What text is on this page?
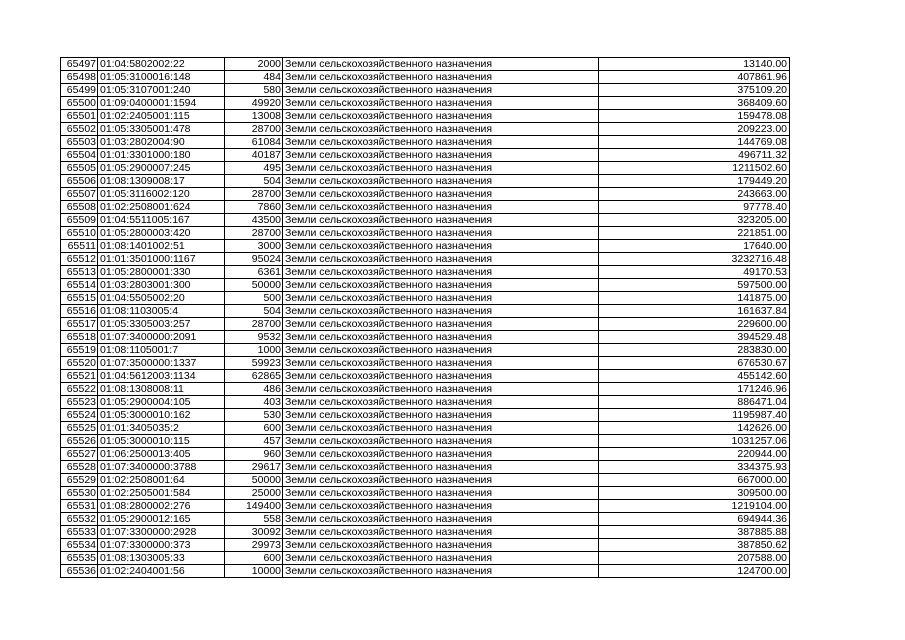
65497	01:04:5802002:22	2000	Земли сельскохозяйственного назначения	13140.00
65498	01:05:3100016:148	484	Земли сельскохозяйственного назначения	407861.96
65499	01:05:3107001:240	580	Земли сельскохозяйственного назначения	375109.20
65500	01:09:0400001:1594	49920	Земли сельскохозяйственного назначения	368409.60
65501	01:02:2405001:115	13008	Земли сельскохозяйственного назначения	159478.08
65502	01:05:3305001:478	28700	Земли сельскохозяйственного назначения	209223.00
65503	01:03:2802004:90	61084	Земли сельскохозяйственного назначения	144769.08
65504	01:01:3301000:180	40187	Земли сельскохозяйственного назначения	496711.32
65505	01:05:2900007:245	495	Земли сельскохозяйственного назначения	1211502.60
65506	01:08:1309008:17	504	Земли сельскохозяйственного назначения	179449.20
65507	01:05:3116002:120	28700	Земли сельскохозяйственного назначения	243663.00
65508	01:02:2508001:624	7860	Земли сельскохозяйственного назначения	97778.40
65509	01:04:5511005:167	43500	Земли сельскохозяйственного назначения	323205.00
65510	01:05:2800003:420	28700	Земли сельскохозяйственного назначения	221851.00
65511	01:08:1401002:51	3000	Земли сельскохозяйственного назначения	17640.00
65512	01:01:3501000:1167	95024	Земли сельскохозяйственного назначения	3232716.48
65513	01:05:2800001:330	6361	Земли сельскохозяйственного назначения	49170.53
65514	01:03:2803001:300	50000	Земли сельскохозяйственного назначения	597500.00
65515	01:04:5505002:20	500	Земли сельскохозяйственного назначения	141875.00
65516	01:08:1103005:4	504	Земли сельскохозяйственного назначения	161637.84
65517	01:05:3305003:257	28700	Земли сельскохозяйственного назначения	229600.00
65518	01:07:3400000:2091	9532	Земли сельскохозяйственного назначения	394529.48
65519	01:08:1105001:7	1000	Земли сельскохозяйственного назначения	283830.00
65520	01:07:3500000:1337	59923	Земли сельскохозяйственного назначения	676530.67
65521	01:04:5612003:1134	62865	Земли сельскохозяйственного назначения	455142.60
65522	01:08:1308008:11	486	Земли сельскохозяйственного назначения	171246.96
65523	01:05:2900004:105	403	Земли сельскохозяйственного назначения	886471.04
65524	01:05:3000010:162	530	Земли сельскохозяйственного назначения	1195987.40
65525	01:01:3405035:2	600	Земли сельскохозяйственного назначения	142626.00
65526	01:05:3000010:115	457	Земли сельскохозяйственного назначения	1031257.06
65527	01:06:2500013:405	960	Земли сельскохозяйственного назначения	220944.00
65528	01:07:3400000:3788	29617	Земли сельскохозяйственного назначения	334375.93
65529	01:02:2508001:64	50000	Земли сельскохозяйственного назначения	667000.00
65530	01:02:2505001:584	25000	Земли сельскохозяйственного назначения	309500.00
65531	01:08:2800002:276	149400	Земли сельскохозяйственного назначения	1219104.00
65532	01:05:2900012:165	558	Земли сельскохозяйственного назначения	694944.36
65533	01:07:3300000:2928	30092	Земли сельскохозяйственного назначения	387885.88
65534	01:07:3300000:373	29973	Земли сельскохозяйственного назначения	387850.62
65535	01:08:1303005:33	600	Земли сельскохозяйственного назначения	207588.00
65536	01:02:2404001:56	10000	Земли сельскохозяйственного назначения	124700.00
